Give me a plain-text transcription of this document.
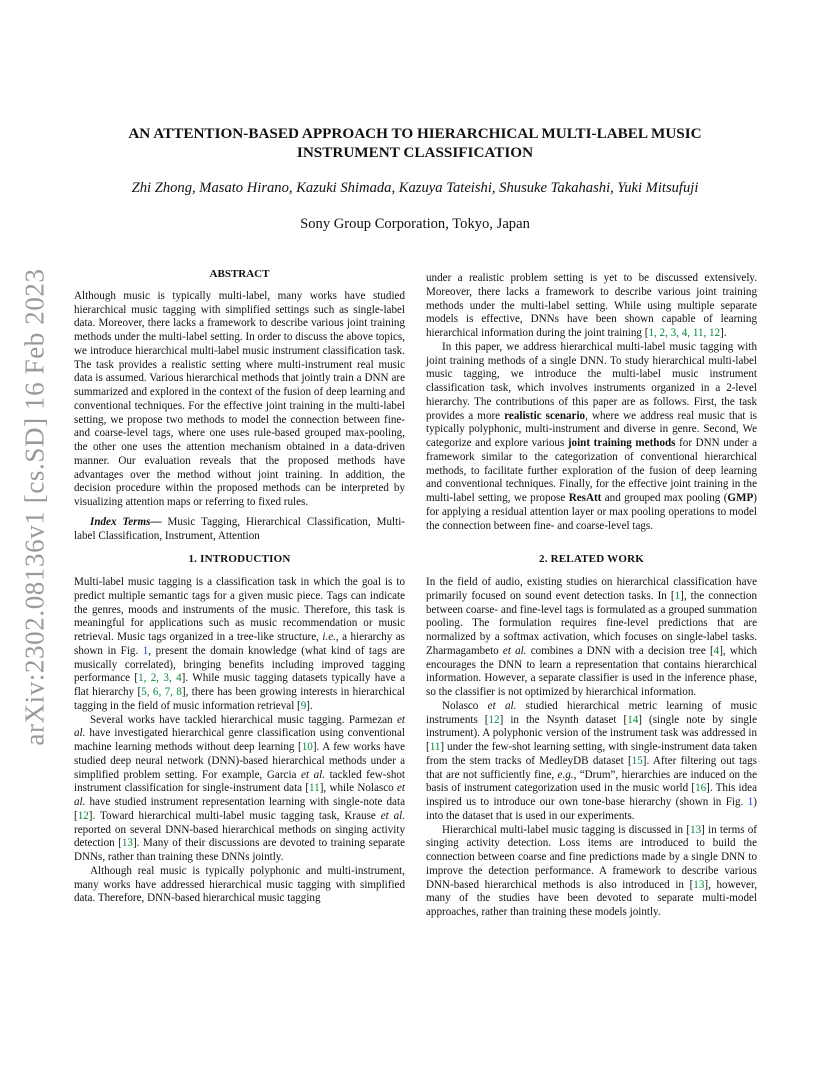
arXiv:2302.08136v1 [cs.SD] 16 Feb 2023
AN ATTENTION-BASED APPROACH TO HIERARCHICAL MULTI-LABEL MUSIC INSTRUMENT CLASSIFICATION
Zhi Zhong, Masato Hirano, Kazuki Shimada, Kazuya Tateishi, Shusuke Takahashi, Yuki Mitsufuji
Sony Group Corporation, Tokyo, Japan
ABSTRACT

Although music is typically multi-label, many works have studied hierarchical music tagging with simplified settings such as single-label data. Moreover, there lacks a framework to describe various joint training methods under the multi-label setting. In order to discuss the above topics, we introduce hierarchical multi-label music instrument classification task. The task provides a realistic setting where multi-instrument real music data is assumed. Various hierarchical methods that jointly train a DNN are summarized and explored in the context of the fusion of deep learning and conventional techniques. For the effective joint training in the multi-label setting, we propose two methods to model the connection between fine- and coarse-level tags, where one uses rule-based grouped max-pooling, the other one uses the attention mechanism obtained in a data-driven manner. Our evaluation reveals that the proposed methods have advantages over the method without joint training. In addition, the decision procedure within the proposed methods can be interpreted by visualizing attention maps or referring to fixed rules.

Index Terms— Music Tagging, Hierarchical Classification, Multi-label Classification, Instrument, Attention

1. INTRODUCTION

Multi-label music tagging is a classification task in which the goal is to predict multiple semantic tags for a given music piece. Tags can indicate the genres, moods and instruments of the music. Therefore, this task is meaningful for applications such as music recommendation or music retrieval. Music tags organized in a tree-like structure, i.e., a hierarchy as shown in Fig. 1, present the domain knowledge (what kind of tags are musically correlated), bringing benefits including improved tagging performance [1, 2, 3, 4]. While music tagging datasets typically have a flat hierarchy [5, 6, 7, 8], there has been growing interests in hierarchical tagging in the field of music information retrieval [9].

Several works have tackled hierarchical music tagging. Parmezan et al. have investigated hierarchical genre classification using conventional machine learning methods without deep learning [10]. A few works have studied deep neural network (DNN)-based hierarchical methods under a simplified problem setting. For example, Garcia et al. tackled few-shot instrument classification for single-instrument data [11], while Nolasco et al. have studied instrument representation learning with single-note data [12]. Toward hierarchical multi-label music tagging task, Krause et al. reported on several DNN-based hierarchical methods on singing activity detection [13]. Many of their discussions are devoted to training separate DNNs, rather than training these DNNs jointly.

Although real music is typically polyphonic and multi-instrument, many works have addressed hierarchical music tagging with simplified data. Therefore, DNN-based hierarchical music tagging

under a realistic problem setting is yet to be discussed extensively. Moreover, there lacks a framework to describe various joint training methods under the multi-label setting. While using multiple separate models is effective, DNNs have been shown capable of learning hierarchical information during the joint training [1, 2, 3, 4, 11, 12].

In this paper, we address hierarchical multi-label music tagging with joint training methods of a single DNN. To study hierarchical multi-label music tagging, we introduce the multi-label music instrument classification task, which involves instruments organized in a 2-level hierarchy. The contributions of this paper are as follows. First, the task provides a more realistic scenario, where we address real music that is typically polyphonic, multi-instrument and diverse in genre. Second, We categorize and explore various joint training methods for DNN under a framework similar to the categorization of conventional hierarchical methods, to facilitate further exploration of the fusion of deep learning and conventional techniques. Finally, for the effective joint training in the multi-label setting, we propose ResAtt and grouped max pooling (GMP) for applying a residual attention layer or max pooling operations to model the connection between fine- and coarse-level tags.

2. RELATED WORK

In the field of audio, existing studies on hierarchical classification have primarily focused on sound event detection tasks. In [1], the connection between coarse- and fine-level tags is formulated as a grouped summation pooling. The formulation requires fine-level predictions that are normalized by a softmax activation, which focuses on single-label tasks. Zharmagambeto et al. combines a DNN with a decision tree [4], which encourages the DNN to learn a representation that contains hierarchical information. However, a separate classifier is used in the inference phase, so the classifier is not optimized by hierarchical information.

Nolasco et al. studied hierarchical metric learning of music instruments [12] in the Nsynth dataset [14] (single note by single instrument). A polyphonic version of the instrument task was addressed in [11] under the few-shot learning setting, with single-instrument data taken from the stem tracks of MedleyDB dataset [15]. After filtering out tags that are not sufficiently fine, e.g., “Drum”, hierarchies are induced on the basis of instrument categorization used in the music world [16]. This idea inspired us to introduce our own tone-base hierarchy (shown in Fig. 1) into the dataset that is used in our experiments.

Hierarchical multi-label music tagging is discussed in [13] in terms of singing activity detection. Loss items are introduced to build the connection between coarse and fine predictions made by a single DNN to improve the detection performance. A framework to describe various DNN-based hierarchical methods is also introduced in [13], however, many of the studies have been devoted to separate multi-model approaches, rather than training these models jointly.
